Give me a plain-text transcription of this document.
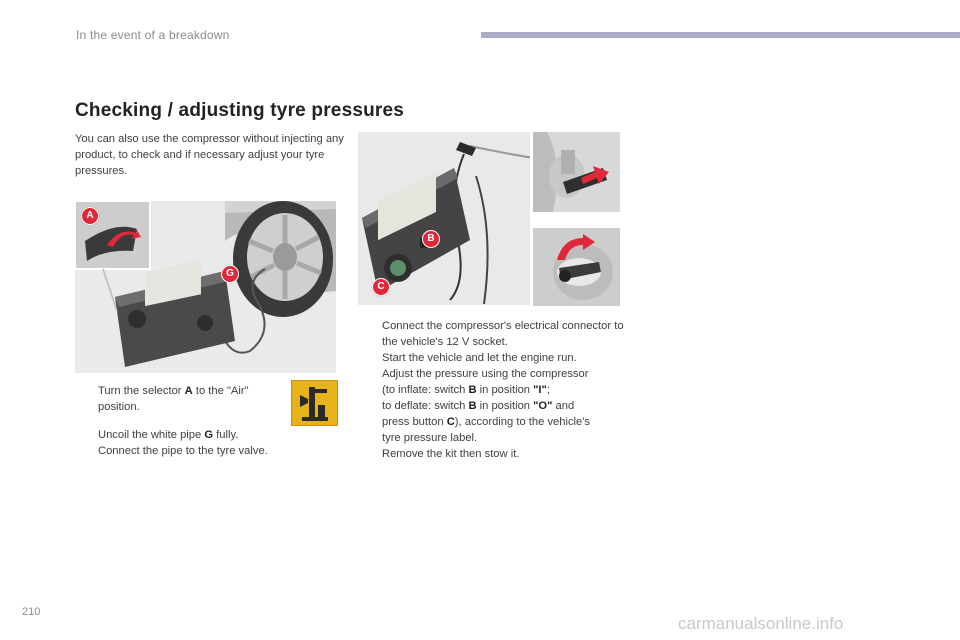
In the event of a breakdown
Checking / adjusting tyre pressures
You can also use the compressor without injecting any product, to check and if necessary adjust your tyre pressures.
A
G
Turn the selector A to the "Air" position.
Uncoil the white pipe G fully.
Connect the pipe to the tyre valve.
B
C
Connect the compressor's electrical connector to the vehicle's 12 V socket.
Start the vehicle and let the engine run.
Adjust the pressure using the compressor
(to inflate: switch B in position "I";
to deflate: switch B in position "O" and
press button C), according to the vehicle's
tyre pressure label.
Remove the kit then stow it.
210
carmanualsonline.info
